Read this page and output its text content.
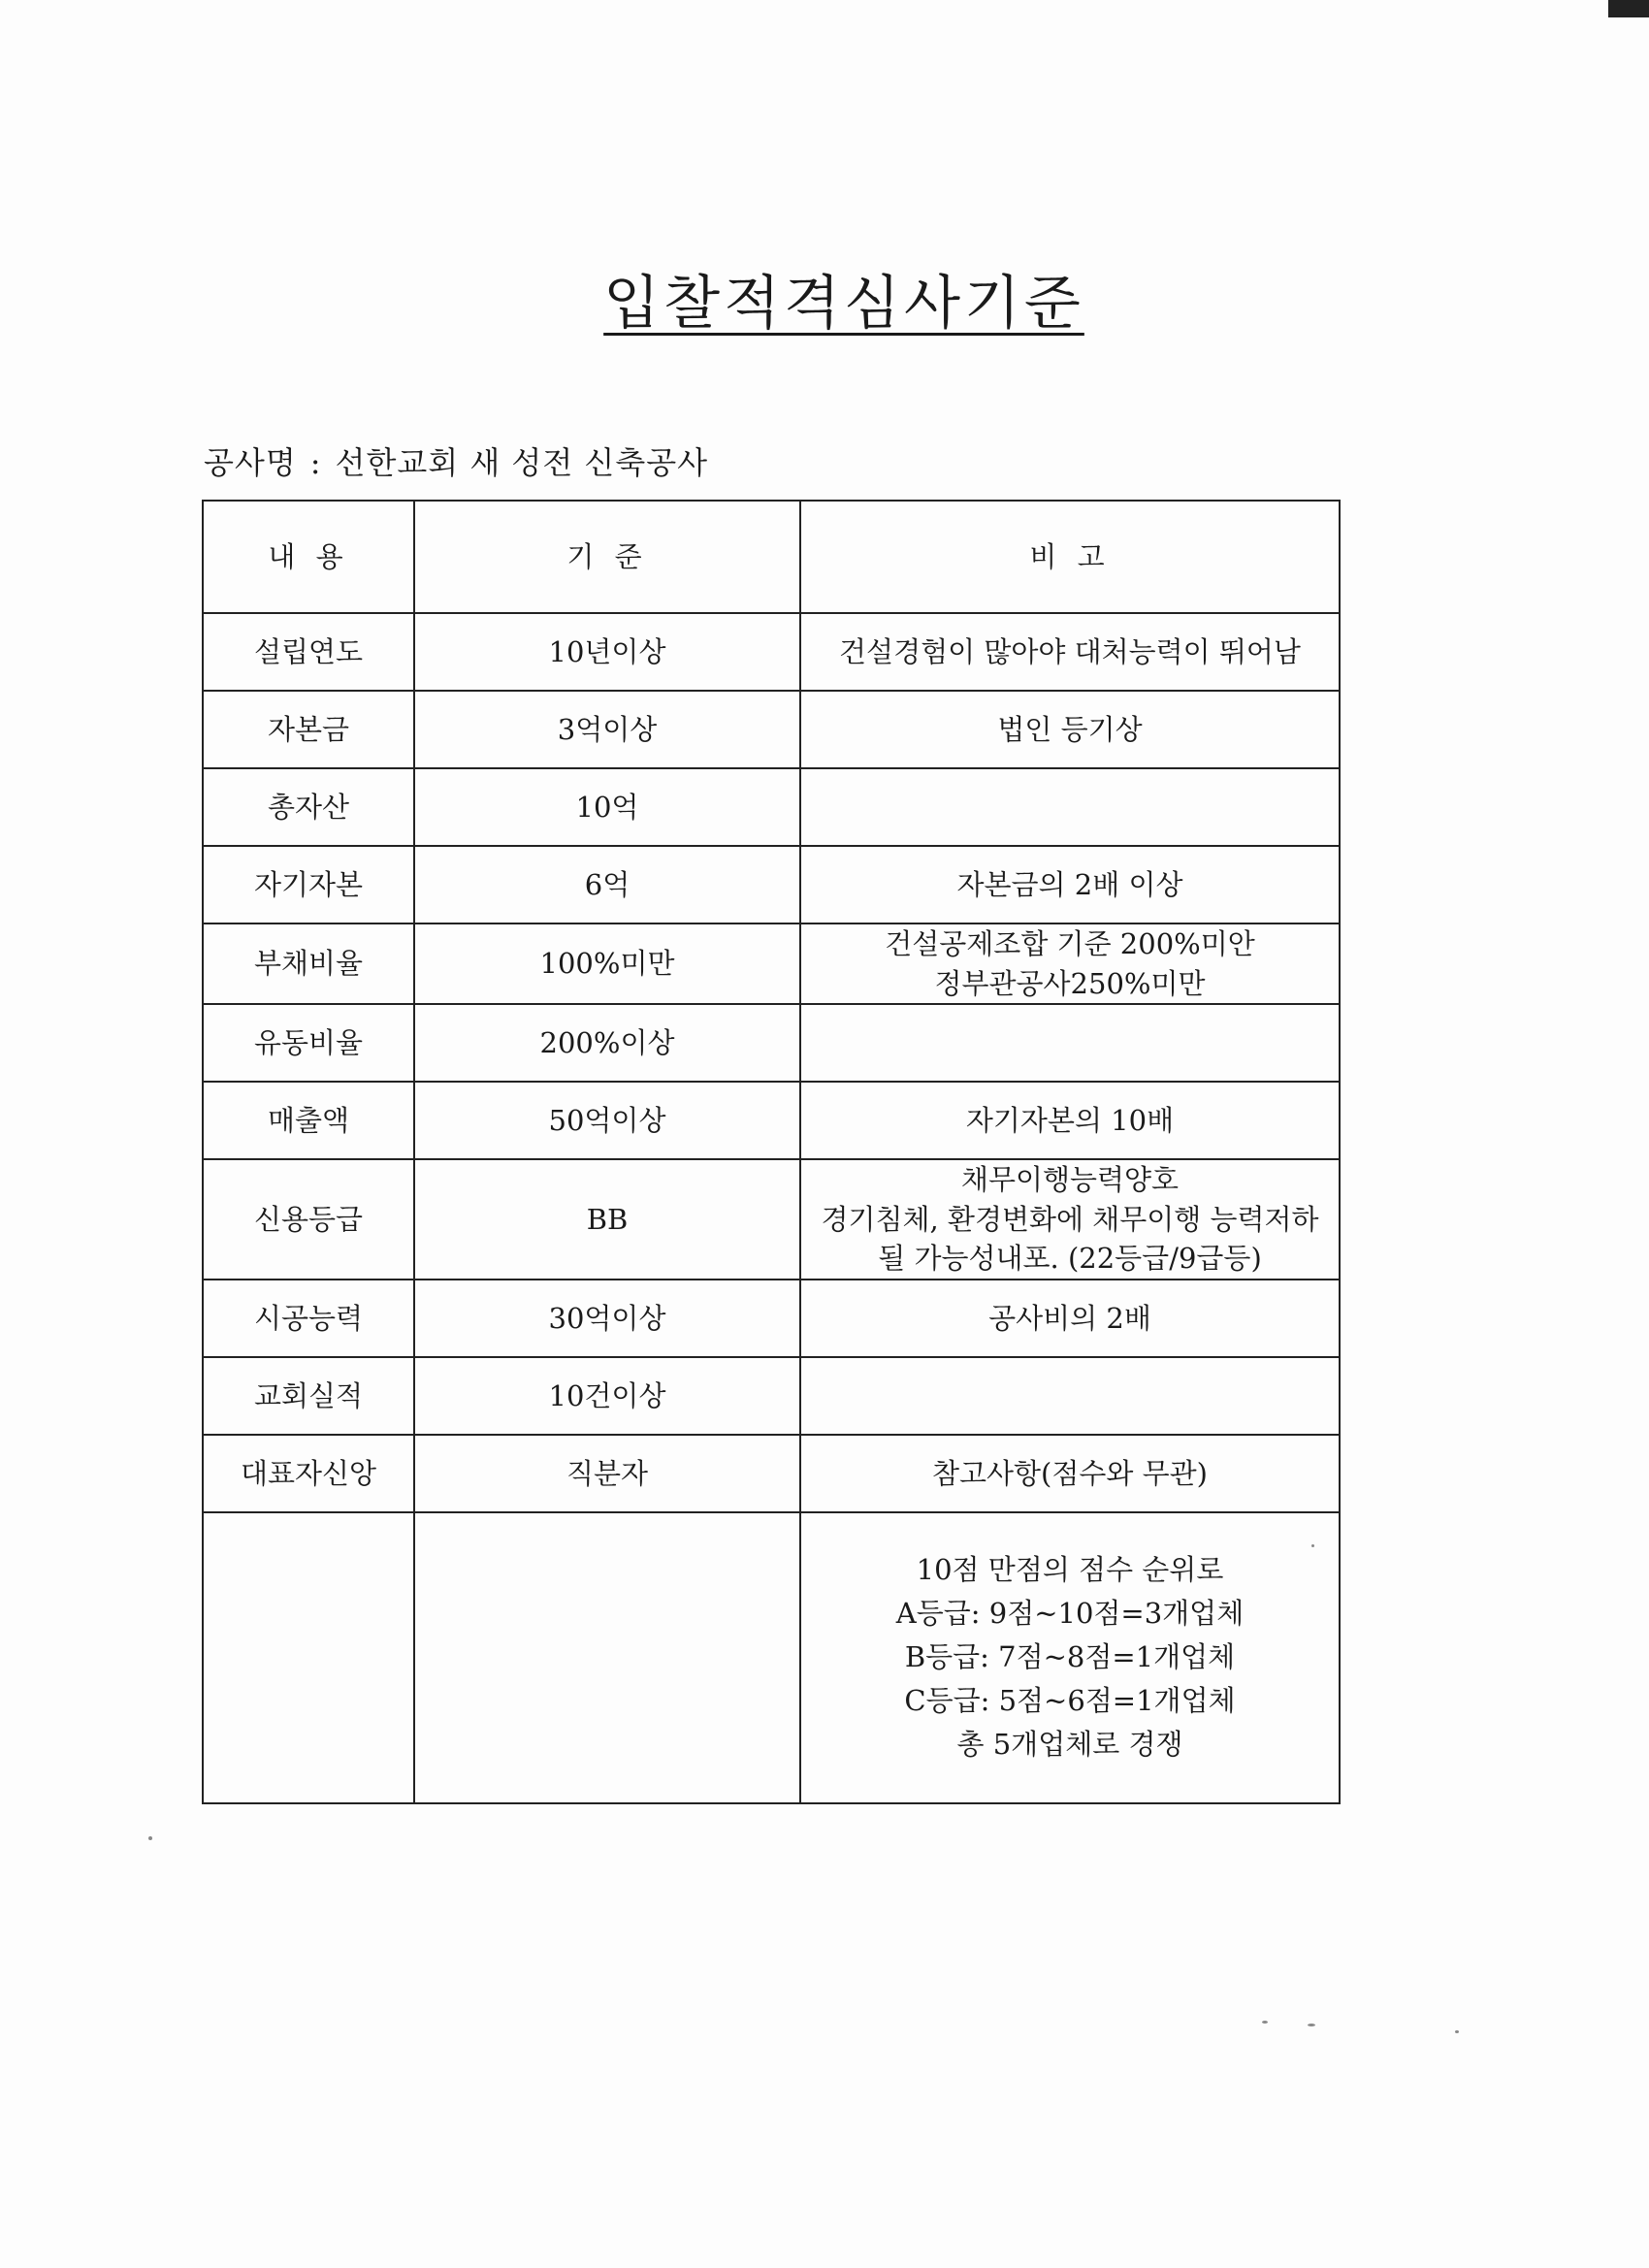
입찰적격심사기준
공사명 : 선한교회 새 성전 신축공사
내 용	기 준	비 고
설립연도	10년이상	건설경험이 많아야 대처능력이 뛰어남

자본금	3억이상	법인 등기상

총자산	10억	
자기자본	6억	자본금의 2배 이상

부채비율	100%미만	건설공제조합 기준 200%미안
정부관공사250%미만

유동비율	200%이상	
매출액	50억이상	자기자본의 10배

신용등급	BB	채무이행능력양호
경기침체, 환경변화에 채무이행 능력저하
될 가능성내포. (22등급/9급등)

시공능력	30억이상	공사비의 2배

교회실적	10건이상	
대표자신앙	직분자	참고사항(점수와 무관)

		10점 만점의 점수 순위로
A등급: 9점~10점=3개업체
B등급: 7점~8점=1개업체
C등급: 5점~6점=1개업체
총 5개업체로 경쟁
